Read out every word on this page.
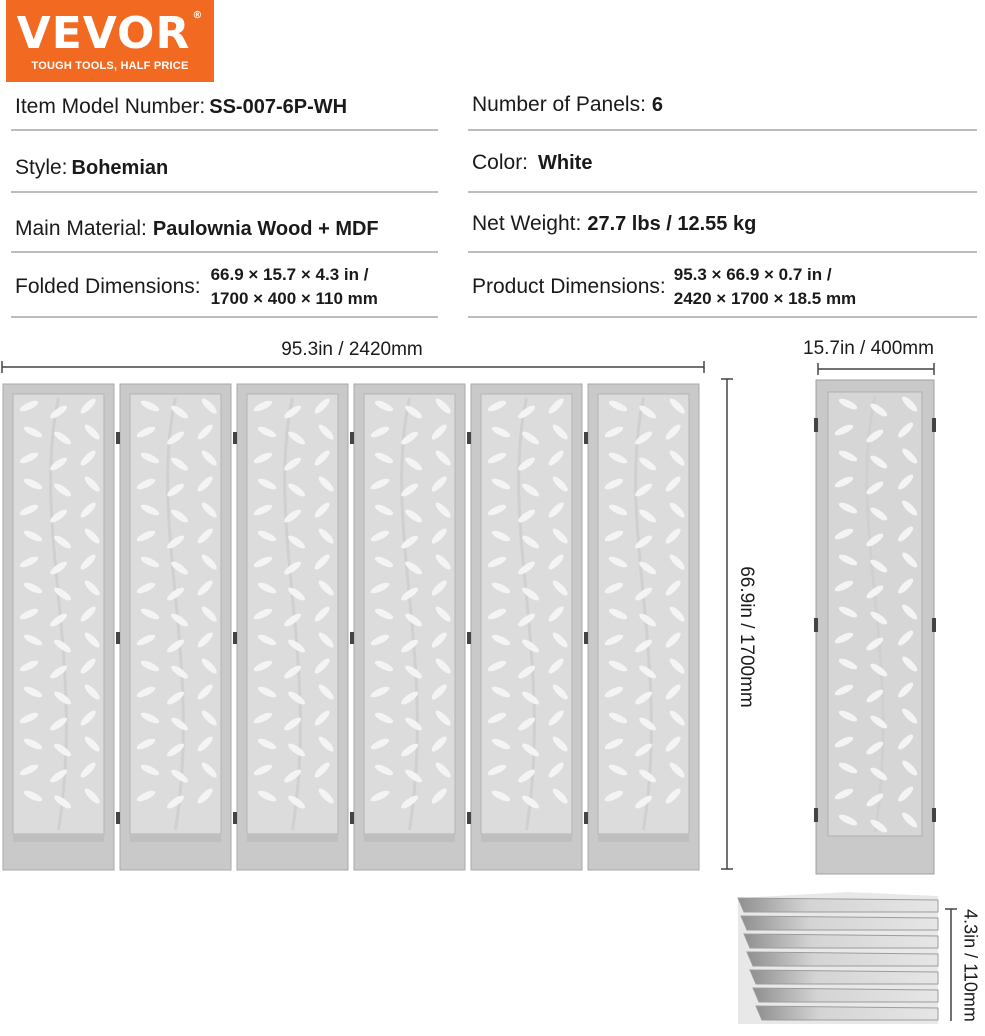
VEVOR ®
TOUGH TOOLS, HALF PRICE
Item Model Number: SS-007-6P-WH
Style: Bohemian
Main Material: Paulownia Wood + MDF
Folded Dimensions:
66.9 × 15.7 × 4.3 in /
1700 × 400 × 110 mm
Number of Panels: 6
Color: White
Net Weight: 27.7 lbs / 12.55 kg
Product Dimensions:
95.3 × 66.9 × 0.7 in /
2420 × 1700 × 18.5 mm
95.3in / 2420mm	15.7in / 400mm
66.9in / 1700mm
4.3in / 110mm
